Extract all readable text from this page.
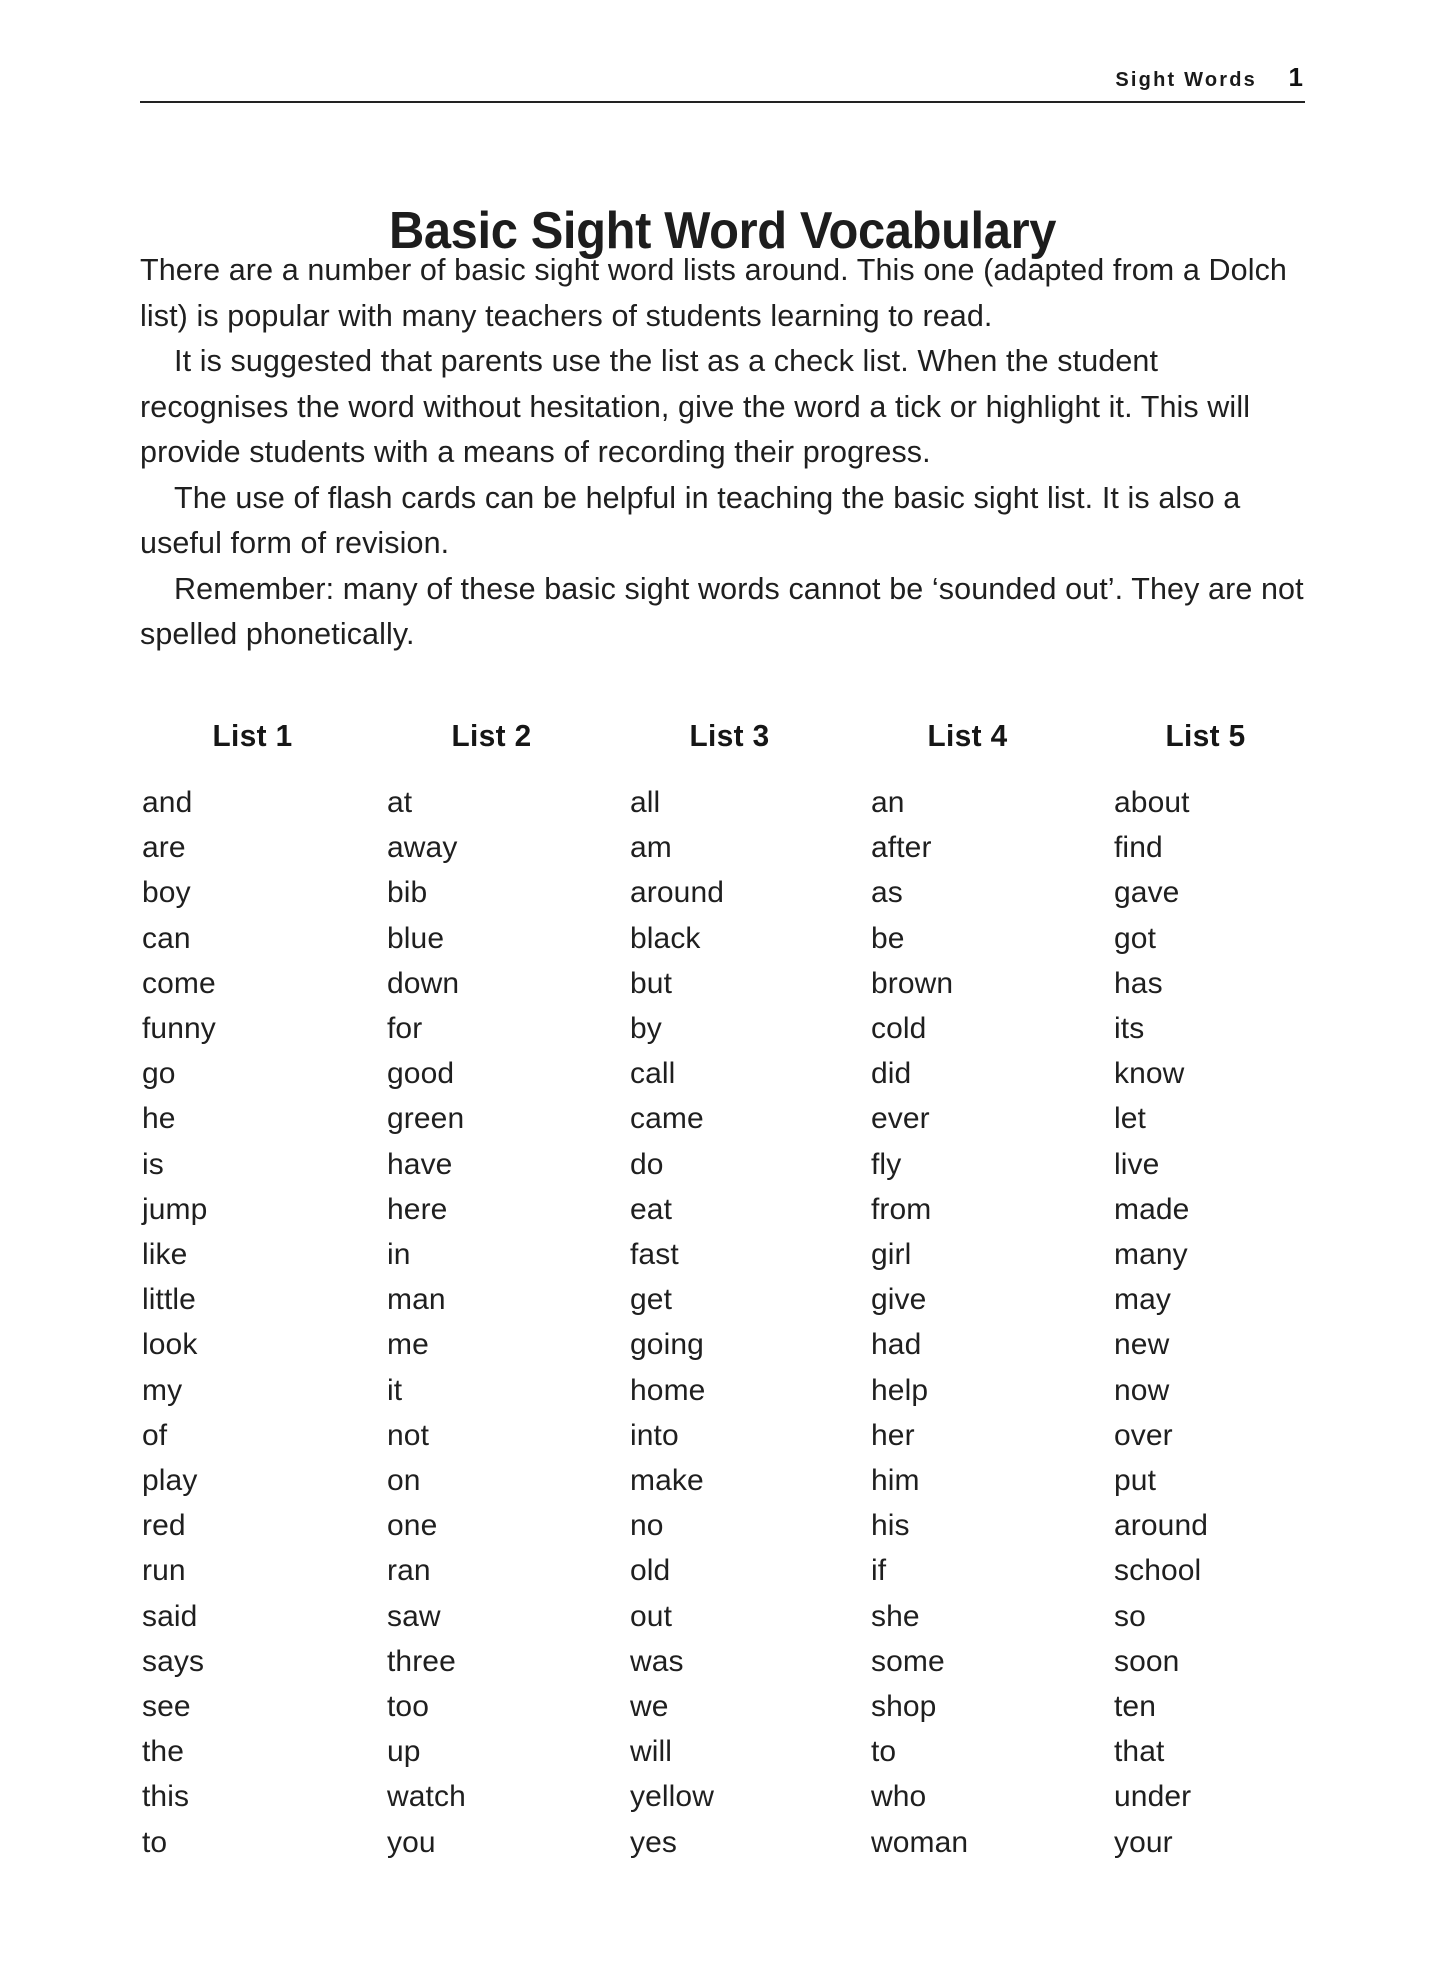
Sight Words 1
Basic Sight Word Vocabulary

There are a number of basic sight word lists around. This one (adapted from a Dolch list) is popular with many teachers of students learning to read.

It is suggested that parents use the list as a check list. When the student recognises the word without hesitation, give the word a tick or highlight it. This will provide students with a means of recording their progress.

The use of flash cards can be helpful in teaching the basic sight list. It is also a useful form of revision.

Remember: many of these basic sight words cannot be ‘sounded out’. They are not spelled phonetically.

List 1
and
are
boy
can
come
funny
go
he
is
jump
like
little
look
my
of
play
red
run
said
says
see
the
this
to
List 2
at
away
bib
blue
down
for
good
green
have
here
in
man
me
it
not
on
one
ran
saw
three
too
up
watch
you
List 3
all
am
around
black
but
by
call
came
do
eat
fast
get
going
home
into
make
no
old
out
was
we
will
yellow
yes
List 4
an
after
as
be
brown
cold
did
ever
fly
from
girl
give
had
help
her
him
his
if
she
some
shop
to
who
woman
List 5
about
find
gave
got
has
its
know
let
live
made
many
may
new
now
over
put
around
school
so
soon
ten
that
under
your
